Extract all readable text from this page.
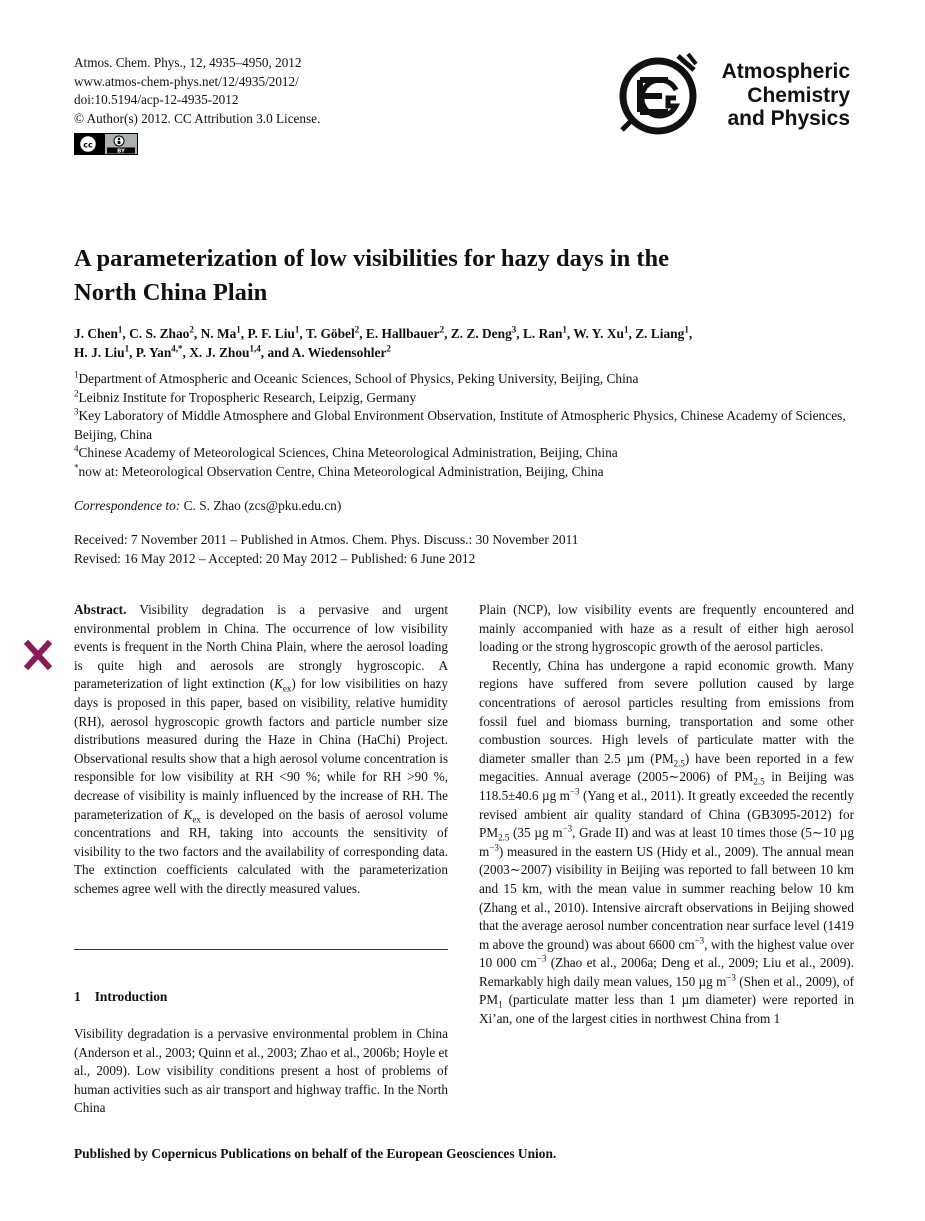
Atmos. Chem. Phys., 12, 4935–4950, 2012
www.atmos-chem-phys.net/12/4935/2012/
doi:10.5194/acp-12-4935-2012
© Author(s) 2012. CC Attribution 3.0 License.
cc
BY
Atmospheric
Chemistry
and Physics
A parameterization of low visibilities for hazy days in the
North China Plain
J. Chen$^1$, C. S. Zhao$^2$, N. Ma$^1$, P. F. Liu$^1$, T. Göbel$^2$, E. Hallbauer$^2$, Z. Z. Deng$^3$, L. Ran$^1$, W. Y. Xu$^1$, Z. Liang$^1$,
H. J. Liu$^1$, P. Yan$^{4,*}$, X. J. Zhou$^{1,4}$, and A. Wiedensohler$^2$
$^1$Department of Atmospheric and Oceanic Sciences, School of Physics, Peking University, Beijing, China
$^2$Leibniz Institute for Tropospheric Research, Leipzig, Germany
$^3$Key Laboratory of Middle Atmosphere and Global Environment Observation, Institute of Atmospheric Physics, Chinese Academy of Sciences, Beijing, China
$^4$Chinese Academy of Meteorological Sciences, China Meteorological Administration, Beijing, China
*now at: Meteorological Observation Centre, China Meteorological Administration, Beijing, China
Correspondence to: C. S. Zhao (zcs@pku.edu.cn)
Received: 7 November 2011 – Published in Atmos. Chem. Phys. Discuss.: 30 November 2011
Revised: 16 May 2012 – Accepted: 20 May 2012 – Published: 6 June 2012

Abstract. Visibility degradation is a pervasive and urgent environmental problem in China. The occurrence of low visibility events is frequent in the North China Plain, where the aerosol loading is quite high and aerosols are strongly hygroscopic. A parameterization of light extinction $(K_{ex})$ for low visibilities on hazy days is proposed in this paper, based on visibility, relative humidity (RH), aerosol hygroscopic growth factors and particle number size distributions measured during the Haze in China (HaChi) Project. Observational results show that a high aerosol volume concentration is responsible for low visibility at RH <90 %; while for RH >90 %, decrease of visibility is mainly influenced by the increase of RH. The parameterization of $K_{ex}$ is developed on the basis of aerosol volume concentrations and RH, taking into accounts the sensitivity of visibility to the two factors and the availability of corresponding data. The extinction coefficients calculated with the parameterization schemes agree well with the directly measured values.

1 Introduction

Visibility degradation is a pervasive environmental problem in China (Anderson et al., 2003; Quinn et al., 2003; Zhao et al., 2006b; Hoyle et al., 2009). Low visibility conditions present a host of problems of human activities such as air transport and highway traffic. In the North China

Plain (NCP), low visibility events are frequently encountered and mainly accompanied with haze as a result of either high aerosol loading or the strong hygroscopic growth of the aerosol particles.

Recently, China has undergone a rapid economic growth. Many regions have suffered from severe pollution caused by large concentrations of aerosol particles resulting from emissions from fossil fuel and biomass burning, transportation and some other combustion sources. High levels of particulate matter with the diameter smaller than 2.5 µm $(PM_{2.5})$ have been reported in a few megacities. Annual average (2005∼2006) of $PM_{2.5}$ in Beijing was 118.5±40.6 µg $m^{-3}$ (Yang et al., 2011). It greatly exceeded the recently revised ambient air quality standard of China (GB3095-2012) for $PM_{2.5}$ (35 µg $m^{-3}$, Grade II) and was at least 10 times those (5∼10 µg $m^{-3}$) measured in the eastern US (Hidy et al., 2009). The annual mean (2003∼2007) visibility in Beijing was reported to fall between 10 km and 15 km, with the mean value in summer reaching below 10 km (Zhang et al., 2010). Intensive aircraft observations in Beijing showed that the average aerosol number concentration near surface level (1419 m above the ground) was about 6600 $cm^{-3}$, with the highest value over 10 000 $cm^{-3}$ (Zhao et al., 2006a; Deng et al., 2009; Liu et al., 2009). Remarkably high daily mean values, 150 µg $m^{-3}$ (Shen et al., 2009), of $PM_1$ (particulate matter less than 1 µm diameter) were reported in Xi’an, one of the largest cities in northwest China from 1

Published by Copernicus Publications on behalf of the European Geosciences Union.
